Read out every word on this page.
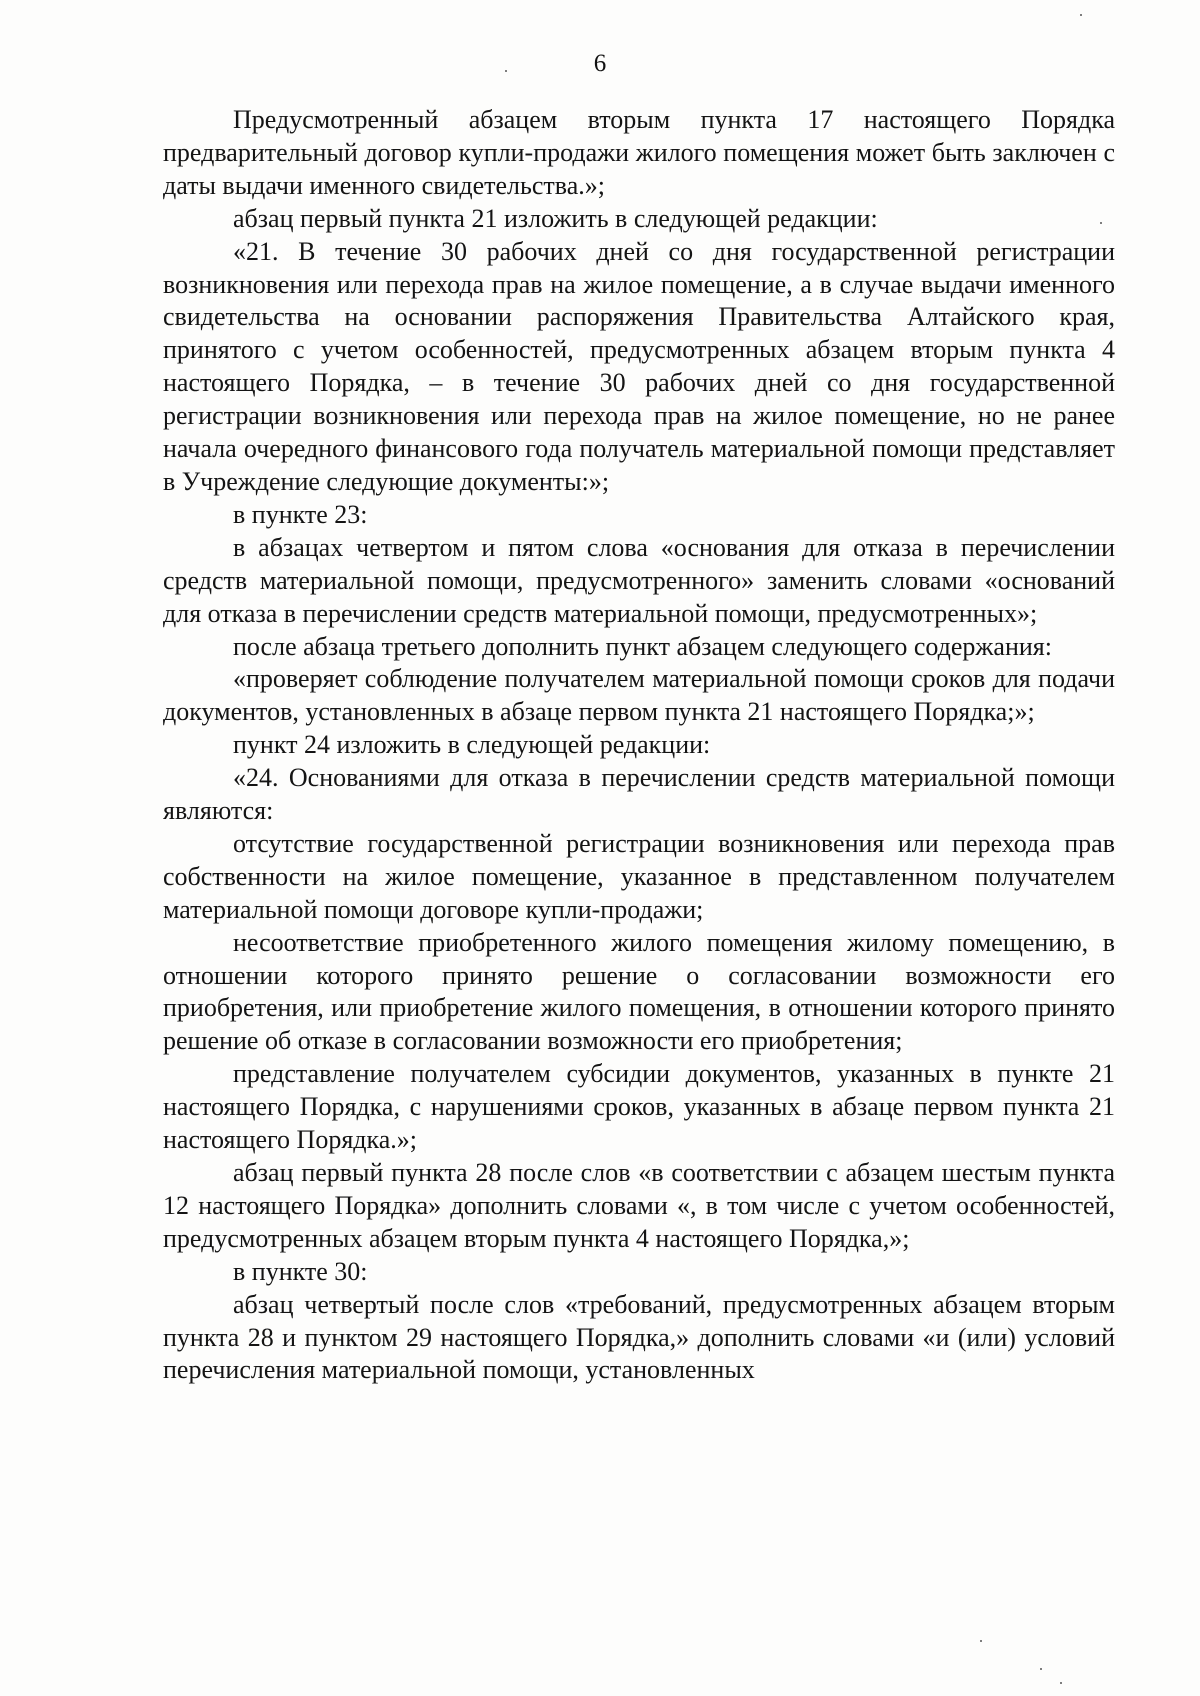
6

Предусмотренный абзацем вторым пункта 17 настоящего Порядка предварительный договор купли-продажи жилого помещения может быть заключен с даты выдачи именного свидетельства.»;

абзац первый пункта 21 изложить в следующей редакции:

«21. В течение 30 рабочих дней со дня государственной регистрации возникновения или перехода прав на жилое помещение, а в случае выдачи именного свидетельства на основании распоряжения Правительства Алтайского края, принятого с учетом особенностей, предусмотренных абзацем вторым пункта 4 настоящего Порядка, – в течение 30 рабочих дней со дня государственной регистрации возникновения или перехода прав на жилое помещение, но не ранее начала очередного финансового года получатель материальной помощи представляет в Учреждение следующие документы:»;

в пункте 23:

в абзацах четвертом и пятом слова «основания для отказа в перечислении средств материальной помощи, предусмотренного» заменить словами «оснований для отказа в перечислении средств материальной помощи, предусмотренных»;

после абзаца третьего дополнить пункт абзацем следующего содержания:

«проверяет соблюдение получателем материальной помощи сроков для подачи документов, установленных в абзаце первом пункта 21 настоящего Порядка;»;

пункт 24 изложить в следующей редакции:

«24. Основаниями для отказа в перечислении средств материальной помощи являются:

отсутствие государственной регистрации возникновения или перехода прав собственности на жилое помещение, указанное в представленном получателем материальной помощи договоре купли-продажи;

несоответствие приобретенного жилого помещения жилому помещению, в отношении которого принято решение о согласовании возможности его приобретения, или приобретение жилого помещения, в отношении которого принято решение об отказе в согласовании возможности его приобретения;

представление получателем субсидии документов, указанных в пункте 21 настоящего Порядка, с нарушениями сроков, указанных в абзаце первом пункта 21 настоящего Порядка.»;

абзац первый пункта 28 после слов «в соответствии с абзацем шестым пункта 12 настоящего Порядка» дополнить словами «, в том числе с учетом особенностей, предусмотренных абзацем вторым пункта 4 настоящего Порядка,»;

в пункте 30:

абзац четвертый после слов «требований, предусмотренных абзацем вторым пункта 28 и пунктом 29 настоящего Порядка,» дополнить словами «и (или) условий перечисления материальной помощи, установленных
